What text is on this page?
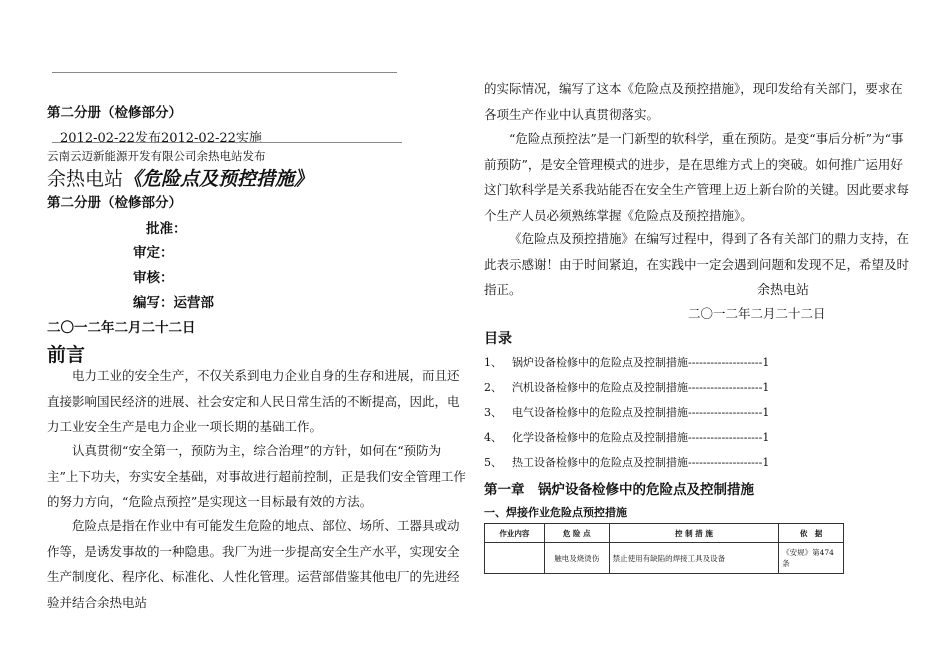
第二分册（检修部分）
2012-02-22发布2012-02-22实施
云南云迈新能源开发有限公司余热电站发布
余热电站《危险点及预控措施》
第二分册（检修部分）
批准：
审定：
审核：
编写：运营部
二〇一二年二月二十二日
前言
电力工业的安全生产，不仅关系到电力企业自身的生存和进展，而且还直接影响国民经济的进展、社会安定和人民日常生活的不断提高，因此，电力工业安全生产是电力企业一项长期的基础工作。
认真贯彻“安全第一，预防为主，综合治理”的方针，如何在“预防为主”上下功夫，夯实安全基础，对事故进行超前控制，正是我们安全管理工作的努力方向，“危险点预控”是实现这一目标最有效的方法。
危险点是指在作业中有可能发生危险的地点、部位、场所、工器具或动作等，是诱发事故的一种隐患。我厂为进一步提高安全生产水平，实现安全生产制度化、程序化、标准化、人性化管理。运营部借鉴其他电厂的先进经验并结合余热电站
的实际情况，编写了这本《危险点及预控措施》，现印发给有关部门，要求在各项生产作业中认真贯彻落实。
“危险点预控法”是一门新型的软科学，重在预防。是变“事后分析”为“事前预防”，是安全管理模式的进步，是在思维方式上的突破。如何推广运用好这门软科学是关系我站能否在安全生产管理上迈上新台阶的关键。因此要求每个生产人员必须熟练掌握《危险点及预控措施》。
《危险点及预控措施》在编写过程中，得到了各有关部门的鼎力支持，在此表示感谢！由于时间紧迫，在实践中一定会遇到问题和发现不足，希望及时指正。	余热电站
二〇一二年二月二十二日
目录
1、 锅炉设备检修中的危险点及控制措施--------------------1
2、 汽机设备检修中的危险点及控制措施--------------------1
3、 电气设备检修中的危险点及控制措施--------------------1
4、 化学设备检修中的危险点及控制措施--------------------1
5、 热工设备检修中的危险点及控制措施--------------------1
第一章　锅炉设备检修中的危险点及控制措施
一、焊接作业危险点预控措施
作业内容	危 险 点	控 制 措 施	依　据
	触电及烧烫伤	禁止使用有缺陷的焊接工具及设备	《安规》第474条
